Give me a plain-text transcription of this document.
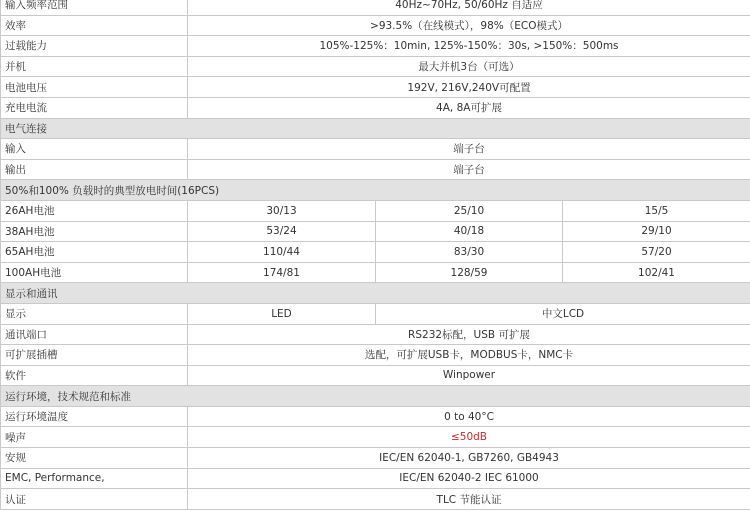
输入频率范围	40Hz~70Hz, 50/60Hz 自适应		
效率	>93.5%（在线模式），98%（ECO模式）		
过载能力	105%-125%：10min, 125%-150%：30s, >150%：500ms		
并机	最大并机3台（可选）		
电池电压	192V, 216V,240V可配置		
充电电流	4A, 8A可扩展		
电气连接			
输入	端子台		
输出	端子台		
50%和100% 负载时的典型放电时间(16PCS)			
26AH电池	30/13	25/10	15/5
38AH电池	53/24	40/18	29/10
65AH电池	110/44	83/30	57/20
100AH电池	174/81	128/59	102/41
显示和通讯			
显示	LED	中文LCD	
通讯端口	RS232标配，USB 可扩展		
可扩展插槽	选配，可扩展USB卡，MODBUS卡，NMC卡		
软件	Winpower		
运行环境，技术规范和标准			
运行环境温度	0 to 40°C		
噪声	≤50dB		
安规	IEC/EN 62040-1, GB7260, GB4943		
EMC, Performance,	IEC/EN 62040-2 IEC 61000		
认证	TLC 节能认证		
